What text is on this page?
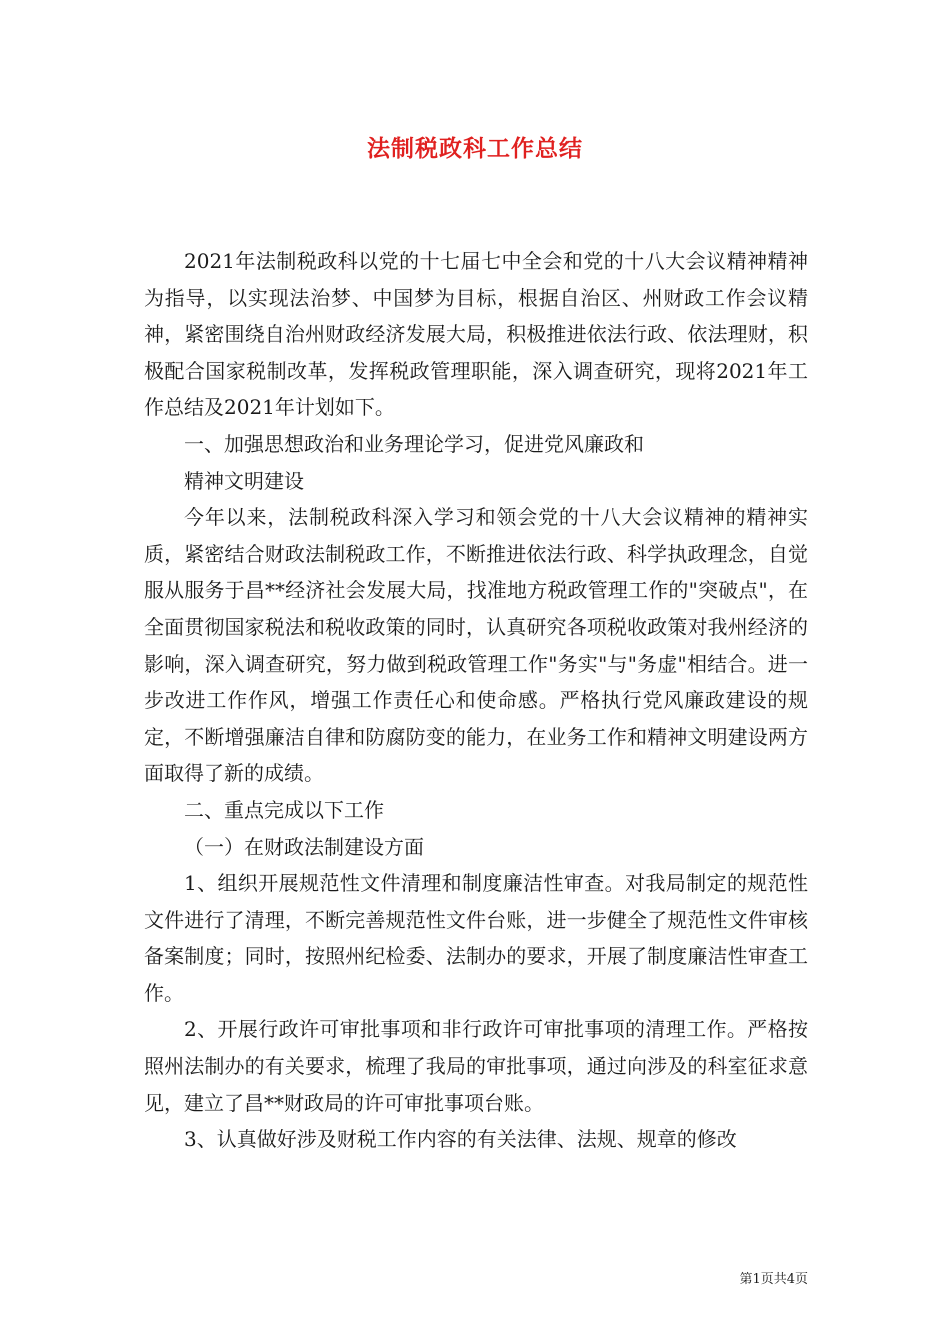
法制税政科工作总结

2021年法制税政科以党的十七届七中全会和党的十八大会议精神精神为指导，以实现法治梦、中国梦为目标，根据自治区、州财政工作会议精神，紧密围绕自治州财政经济发展大局，积极推进依法行政、依法理财，积极配合国家税制改革，发挥税政管理职能，深入调查研究，现将2021年工作总结及2021年计划如下。

一、加强思想政治和业务理论学习，促进党风廉政和

精神文明建设

今年以来，法制税政科深入学习和领会党的十八大会议精神的精神实质，紧密结合财政法制税政工作，不断推进依法行政、科学执政理念，自觉服从服务于昌**经济社会发展大局，找准地方税政管理工作的"突破点"，在全面贯彻国家税法和税收政策的同时，认真研究各项税收政策对我州经济的影响，深入调查研究，努力做到税政管理工作"务实"与"务虚"相结合。进一步改进工作作风，增强工作责任心和使命感。严格执行党风廉政建设的规定，不断增强廉洁自律和防腐防变的能力，在业务工作和精神文明建设两方面取得了新的成绩。

二、重点完成以下工作

（一）在财政法制建设方面

1、组织开展规范性文件清理和制度廉洁性审查。对我局制定的规范性文件进行了清理，不断完善规范性文件台账，进一步健全了规范性文件审核备案制度；同时，按照州纪检委、法制办的要求，开展了制度廉洁性审查工作。

2、开展行政许可审批事项和非行政许可审批事项的清理工作。严格按照州法制办的有关要求，梳理了我局的审批事项，通过向涉及的科室征求意见，建立了昌**财政局的许可审批事项台账。

3、认真做好涉及财税工作内容的有关法律、法规、规章的修改

第1页共4页
